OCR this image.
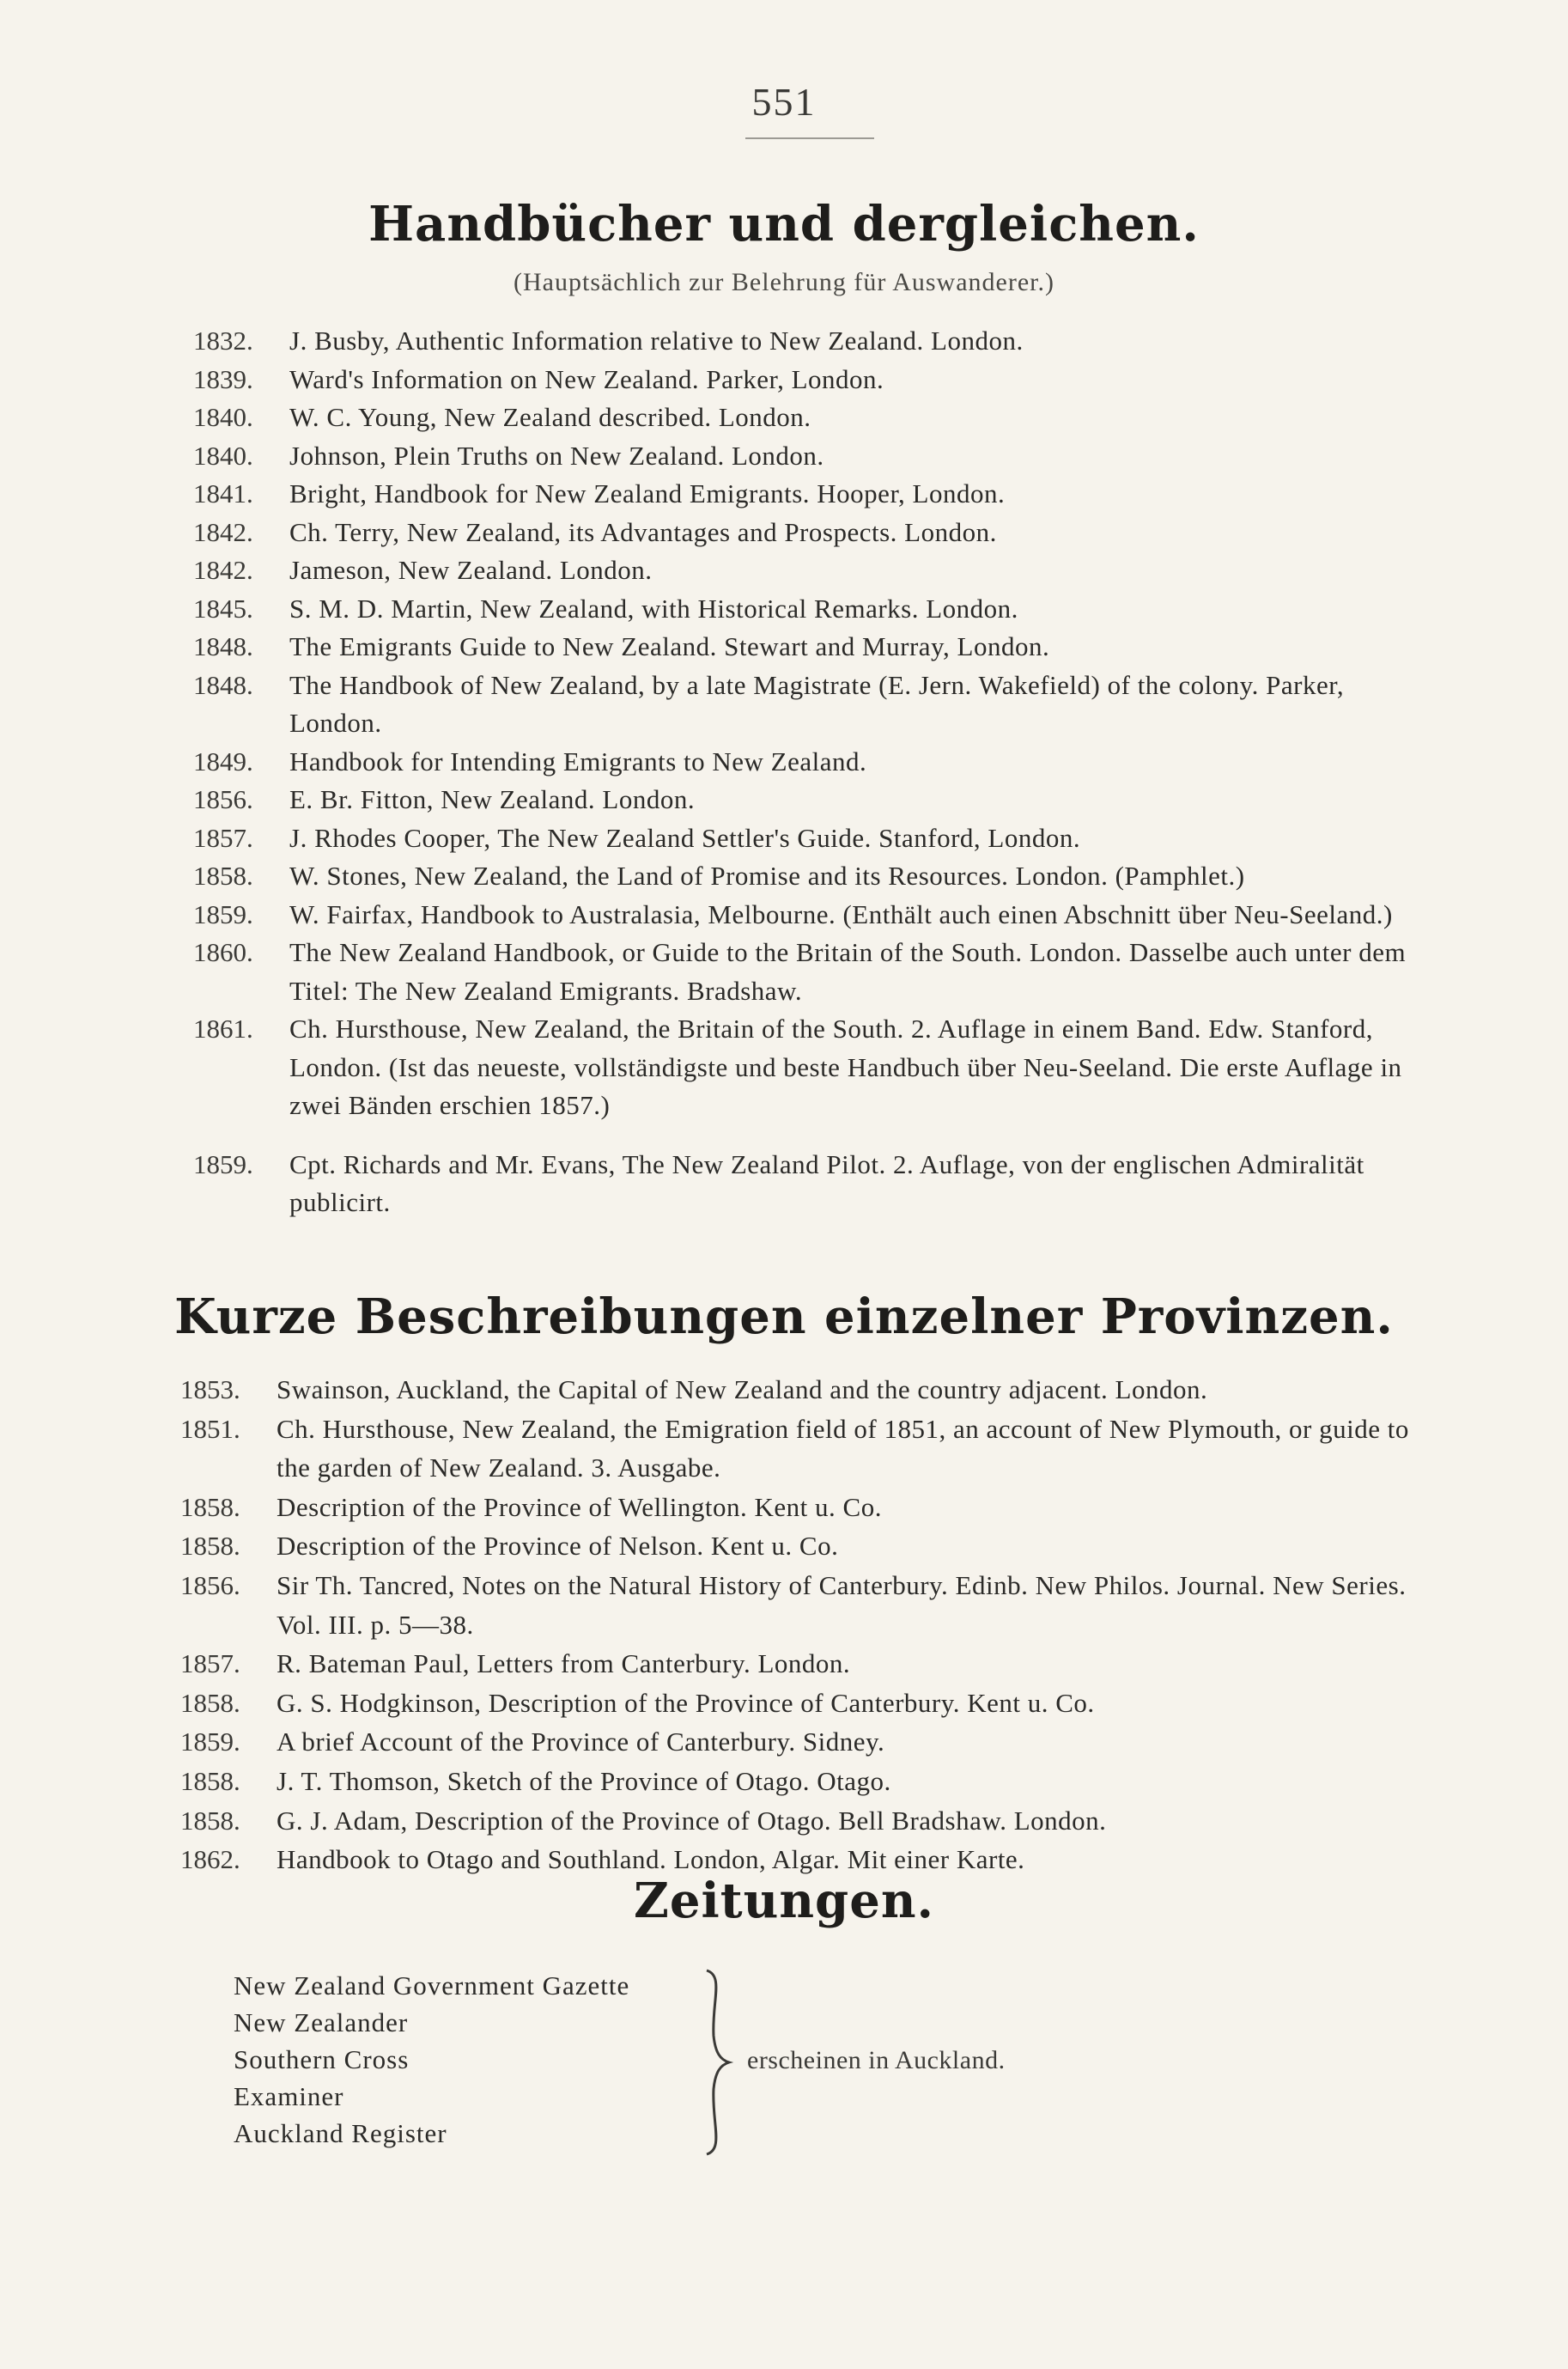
551
Handbücher und dergleichen.
(Hauptsächlich zur Belehrung für Auswanderer.)
1832.	J. Busby, Authentic Information relative to New Zealand. London.
1839.	Ward's Information on New Zealand. Parker, London.
1840.	W. C. Young, New Zealand described. London.
1840.	Johnson, Plein Truths on New Zealand. London.
1841.	Bright, Handbook for New Zealand Emigrants. Hooper, London.
1842.	Ch. Terry, New Zealand, its Advantages and Prospects. London.
1842.	Jameson, New Zealand. London.
1845.	S. M. D. Martin, New Zealand, with Historical Remarks. London.
1848.	The Emigrants Guide to New Zealand. Stewart and Murray, London.
1848.	The Handbook of New Zealand, by a late Magistrate (E. Jern. Wakefield) of the colony. Parker, London.
1849.	Handbook for Intending Emigrants to New Zealand.
1856.	E. Br. Fitton, New Zealand. London.
1857.	J. Rhodes Cooper, The New Zealand Settler's Guide. Stanford, London.
1858.	W. Stones, New Zealand, the Land of Promise and its Resources. London. (Pamphlet.)
1859.	W. Fairfax, Handbook to Australasia, Melbourne. (Enthält auch einen Abschnitt über Neu-Seeland.)
1860.	The New Zealand Handbook, or Guide to the Britain of the South. London. Dasselbe auch unter dem Titel: The New Zealand Emigrants. Bradshaw.
1861.	Ch. Hursthouse, New Zealand, the Britain of the South. 2. Auflage in einem Band. Edw. Stanford, London. (Ist das neueste, vollständigste und beste Handbuch über Neu-Seeland. Die erste Auflage in zwei Bänden erschien 1857.)
1859.	Cpt. Richards and Mr. Evans, The New Zealand Pilot. 2. Auflage, von der englischen Admiralität publicirt.
Kurze Beschreibungen einzelner Provinzen.
1853.	Swainson, Auckland, the Capital of New Zealand and the country adjacent. London.
1851.	Ch. Hursthouse, New Zealand, the Emigration field of 1851, an account of New Plymouth, or guide to the garden of New Zealand. 3. Ausgabe.
1858.	Description of the Province of Wellington. Kent u. Co.
1858.	Description of the Province of Nelson. Kent u. Co.
1856.	Sir Th. Tancred, Notes on the Natural History of Canterbury. Edinb. New Philos. Journal. New Series. Vol. III. p. 5—38.
1857.	R. Bateman Paul, Letters from Canterbury. London.
1858.	G. S. Hodgkinson, Description of the Province of Canterbury. Kent u. Co.
1859.	A brief Account of the Province of Canterbury. Sidney.
1858.	J. T. Thomson, Sketch of the Province of Otago. Otago.
1858.	G. J. Adam, Description of the Province of Otago. Bell Bradshaw. London.
1862.	Handbook to Otago and Southland. London, Algar. Mit einer Karte.
Zeitungen.
New Zealand Government Gazette
New Zealander
Southern Cross
Examiner
Auckland Register
erscheinen in Auckland.
